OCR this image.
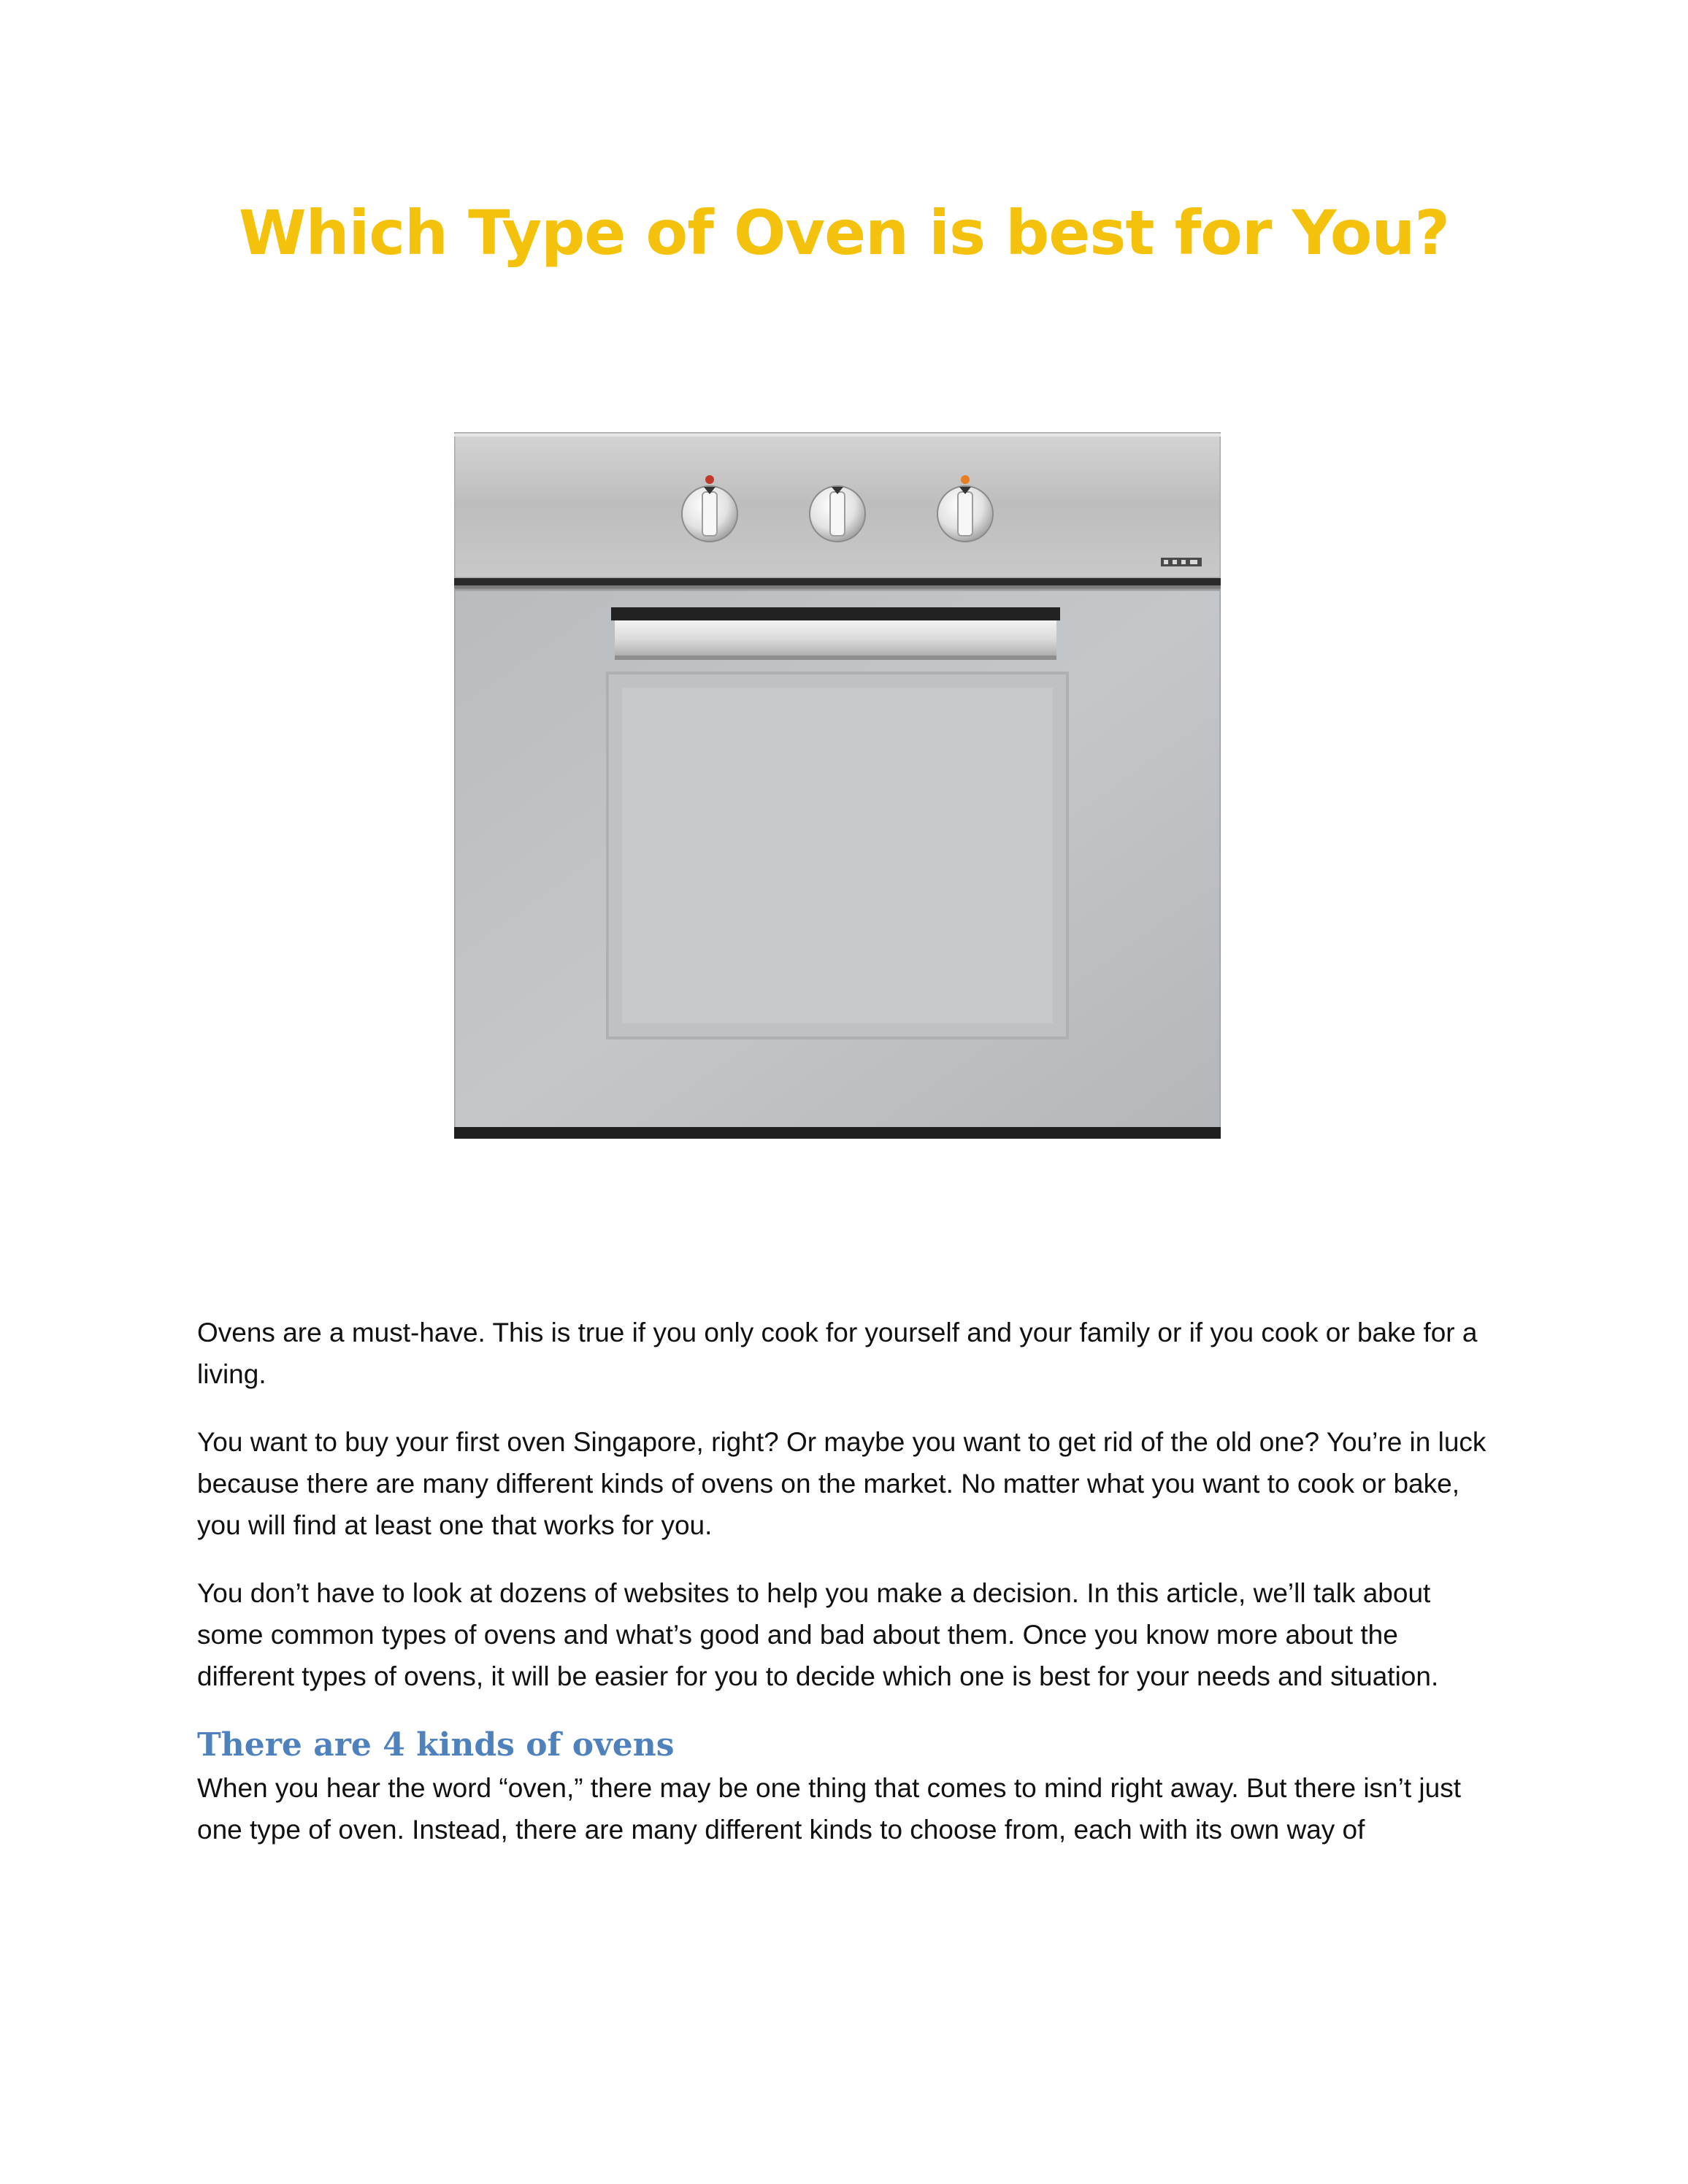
Which Type of Oven is best for You?

Ovens are a must-have. This is true if you only cook for yourself and your family or if you cook or bake for a living.

You want to buy your first oven Singapore, right? Or maybe you want to get rid of the old one? You’re in luck because there are many different kinds of ovens on the market. No matter what you want to cook or bake, you will find at least one that works for you.

You don’t have to look at dozens of websites to help you make a decision. In this article, we’ll talk about some common types of ovens and what’s good and bad about them. Once you know more about the different types of ovens, it will be easier for you to decide which one is best for your needs and situation.

There are 4 kinds of ovens

When you hear the word “oven,” there may be one thing that comes to mind right away. But there isn’t just one type of oven. Instead, there are many different kinds to choose from, each with its own way of
